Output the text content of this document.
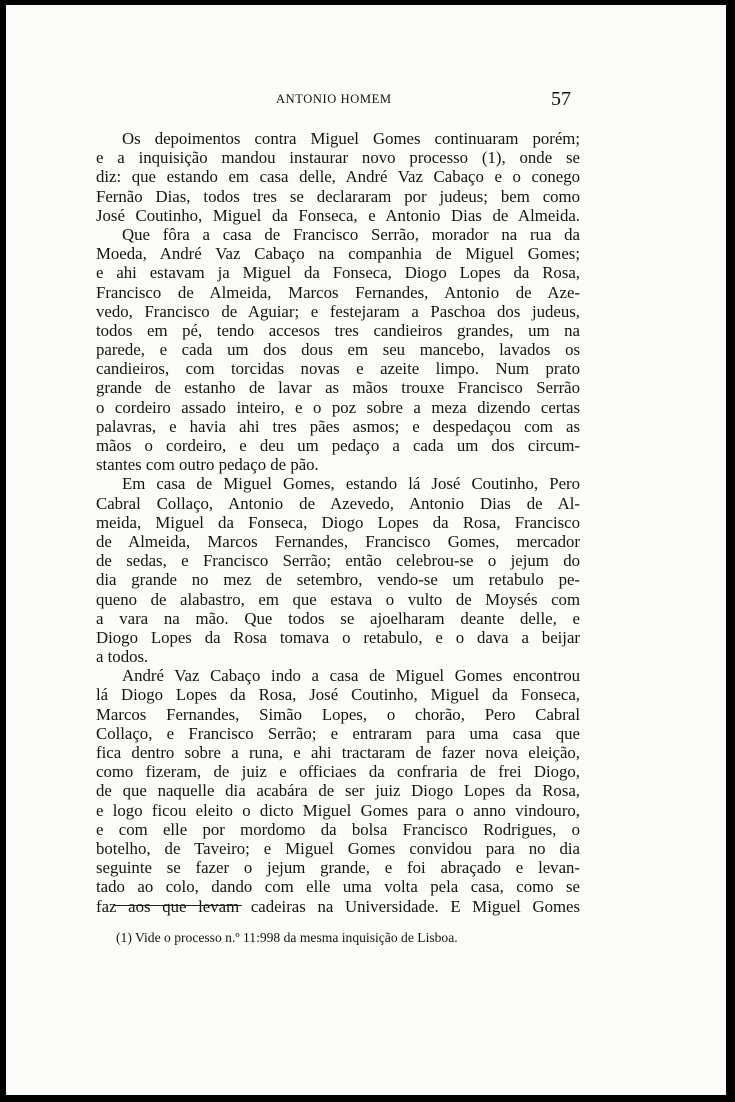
ANTONIO HOMEM	57
Os depoimentos contra Miguel Gomes continuaram porém;
e a inquisição mandou instaurar novo processo (1), onde se
diz: que estando em casa delle, André Vaz Cabaço e o conego
Fernão Dias, todos tres se declararam por judeus; bem como
José Coutinho, Miguel da Fonseca, e Antonio Dias de Almeida.
Que fôra a casa de Francisco Serrão, morador na rua da
Moeda, André Vaz Cabaço na companhia de Miguel Gomes;
e ahi estavam ja Miguel da Fonseca, Diogo Lopes da Rosa,
Francisco de Almeida, Marcos Fernandes, Antonio de Aze-
vedo, Francisco de Aguiar; e festejaram a Paschoa dos judeus,
todos em pé, tendo accesos tres candieiros grandes, um na
parede, e cada um dos dous em seu mancebo, lavados os
candieiros, com torcidas novas e azeite limpo. Num prato
grande de estanho de lavar as mãos trouxe Francisco Serrão
o cordeiro assado inteiro, e o poz sobre a meza dizendo certas
palavras, e havia ahi tres pães asmos; e despedaçou com as
mãos o cordeiro, e deu um pedaço a cada um dos circum-
stantes com outro pedaço de pão.
Em casa de Miguel Gomes, estando lá José Coutinho, Pero
Cabral Collaço, Antonio de Azevedo, Antonio Dias de Al-
meida, Miguel da Fonseca, Diogo Lopes da Rosa, Francisco
de Almeida, Marcos Fernandes, Francisco Gomes, mercador
de sedas, e Francisco Serrão; então celebrou-se o jejum do
dia grande no mez de setembro, vendo-se um retabulo pe-
queno de alabastro, em que estava o vulto de Moysés com
a vara na mão. Que todos se ajoelharam deante delle, e
Diogo Lopes da Rosa tomava o retabulo, e o dava a beijar
a todos.
André Vaz Cabaço indo a casa de Miguel Gomes encontrou
lá Diogo Lopes da Rosa, José Coutinho, Miguel da Fonseca,
Marcos Fernandes, Simão Lopes, o chorão, Pero Cabral
Collaço, e Francisco Serrão; e entraram para uma casa que
fica dentro sobre a runa, e ahi tractaram de fazer nova eleição,
como fizeram, de juiz e officiaes da confraria de frei Diogo,
de que naquelle dia acabára de ser juiz Diogo Lopes da Rosa,
e logo ficou eleito o dicto Miguel Gomes para o anno vindouro,
e com elle por mordomo da bolsa Francisco Rodrigues, o
botelho, de Taveiro; e Miguel Gomes convidou para no dia
seguinte se fazer o jejum grande, e foi abraçado e levan-
tado ao colo, dando com elle uma volta pela casa, como se
faz aos que levam cadeiras na Universidade. E Miguel Gomes
(1) Vide o processo n.º 11:998 da mesma inquisição de Lisboa.
